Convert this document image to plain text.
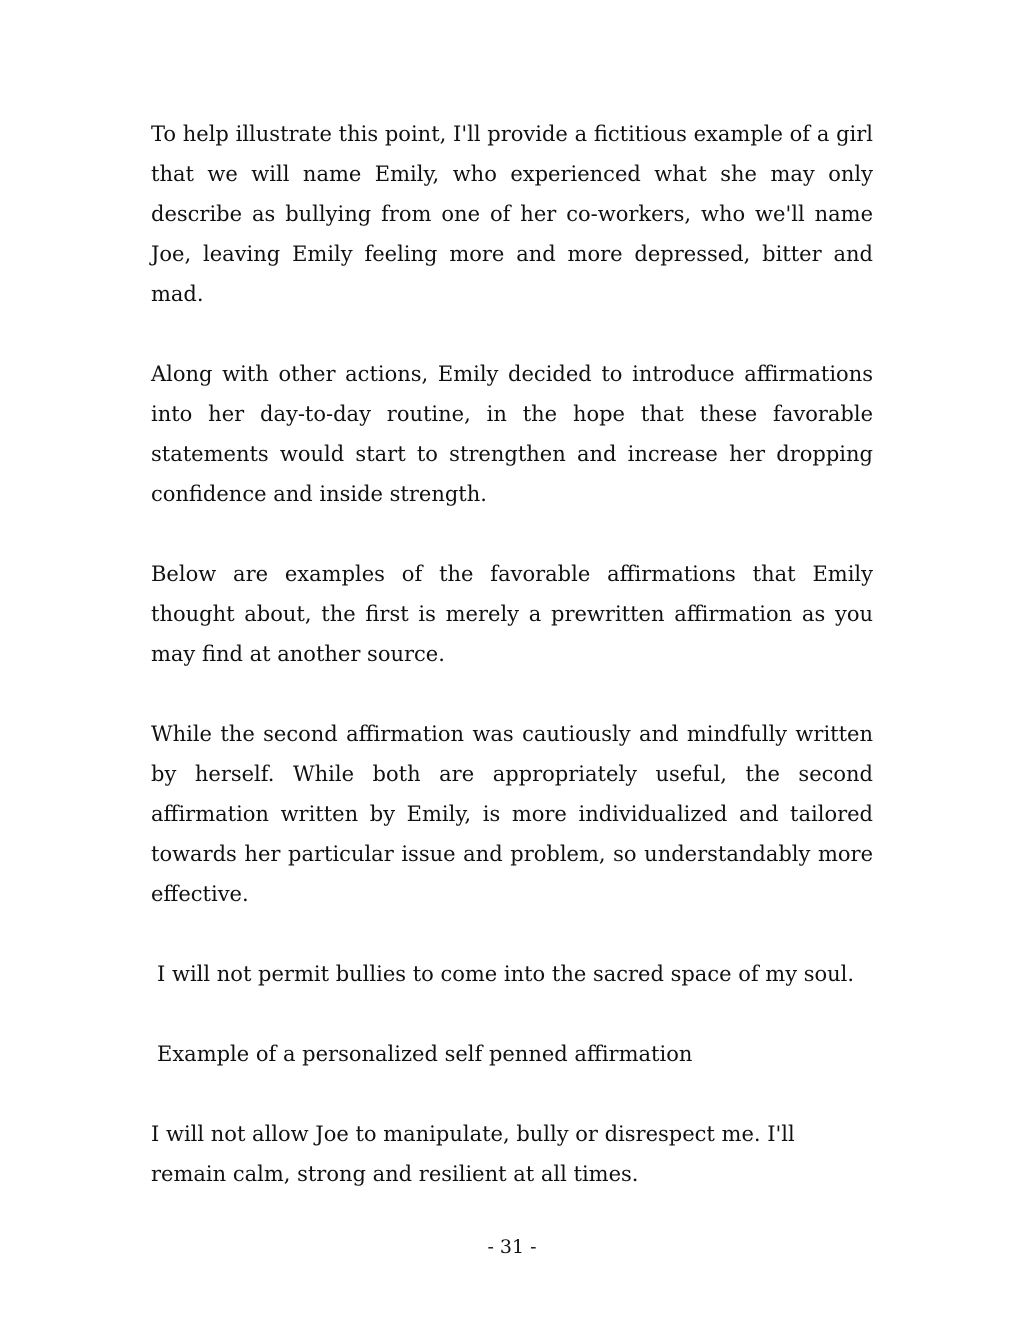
To help illustrate this point, I'll provide a fictitious example of a girl that we will name Emily, who experienced what she may only describe as bullying from one of her co-workers, who we'll name Joe, leaving Emily feeling more and more depressed, bitter and mad.

Along with other actions, Emily decided to introduce affirmations into her day-to-day routine, in the hope that these favorable statements would start to strengthen and increase her dropping confidence and inside strength.

Below are examples of the favorable affirmations that Emily thought about, the first is merely a prewritten affirmation as you may find at another source.

While the second affirmation was cautiously and mindfully written by herself. While both are appropriately useful, the second affirmation written by Emily, is more individualized and tailored towards her particular issue and problem, so understandably more effective.

I will not permit bullies to come into the sacred space of my soul.

Example of a personalized self penned affirmation

I will not allow Joe to manipulate, bully or disrespect me. I'll remain calm, strong and resilient at all times.

- 31 -
